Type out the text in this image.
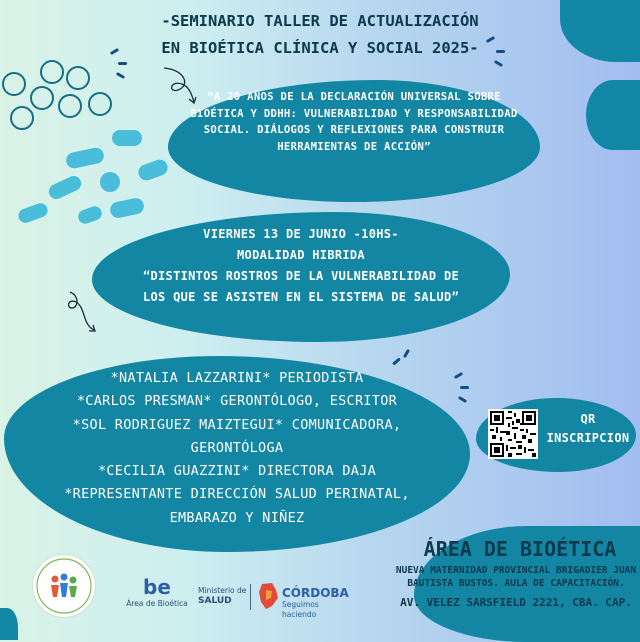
-SEMINARIO TALLER DE ACTUALIZACIÓN
EN BIOÉTICA CLÍNICA Y SOCIAL 2025-
“A 20 AÑOS DE LA DECLARACIÓN UNIVERSAL SOBRE
BIOÉTICA Y DDHH: VULNERABILIDAD Y RESPONSABILIDAD
SOCIAL. DIÁLOGOS Y REFLEXIONES PARA CONSTRUIR
HERRAMIENTAS DE ACCIÓN”
VIERNES 13 DE JUNIO -10HS-
MODALIDAD HIBRIDA
“DISTINTOS ROSTROS DE LA VULNERABILIDAD DE
LOS QUE SE ASISTEN EN EL SISTEMA DE SALUD”
*NATALIA LAZZARINI* PERIODISTA
*CARLOS PRESMAN* GERONTÓLOGO, ESCRITOR
*SOL RODRIGUEZ MAIZTEGUI* COMUNICADORA,
GERONTÓLOGA
*CECILIA GUAZZINI* DIRECTORA DAJA
*REPRESENTANTE DIRECCIÓN SALUD PERINATAL,
EMBARAZO Y NIÑEZ
QR
INSCRIPCION
ÁREA DE BIOÉTICA
NUEVA MATERNIDAD PROVINCIAL BRIGADIER JUAN
BAUTISTA BUSTOS. AULA DE CAPACITACIÓN.
AV. VELEZ SARSFIELD 2221, CBA. CAP.
be
Área de Bioética
Ministerio de
SALUD
CÓRDOBA
Seguimos haciendo
